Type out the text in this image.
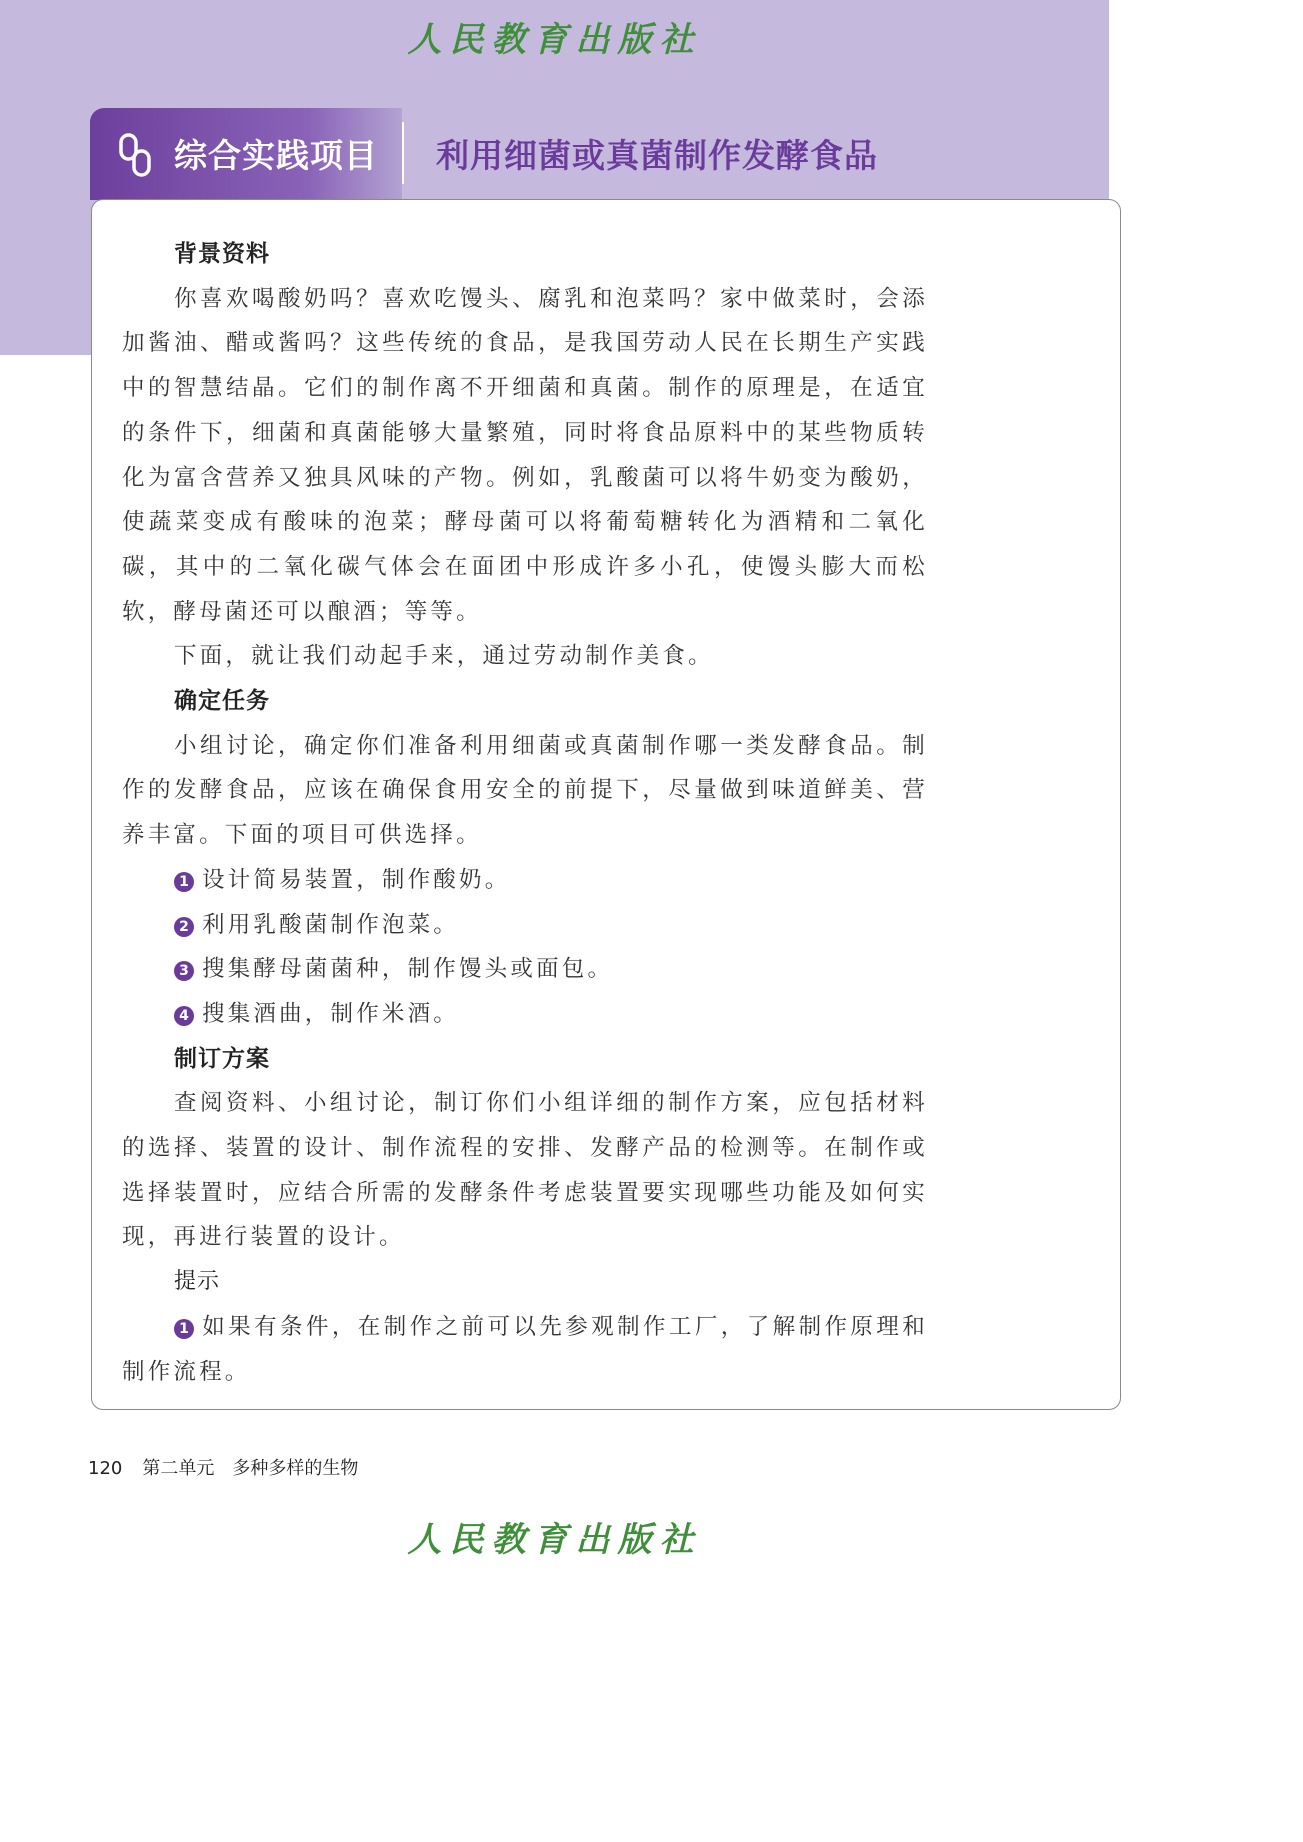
人民教育出版社
综合实践项目 利用细菌或真菌制作发酵食品

背景资料

你喜欢喝酸奶吗？喜欢吃馒头、腐乳和泡菜吗？家中做菜时，会添加酱油、醋或酱吗？这些传统的食品，是我国劳动人民在长期生产实践中的智慧结晶。它们的制作离不开细菌和真菌。制作的原理是，在适宜的条件下，细菌和真菌能够大量繁殖，同时将食品原料中的某些物质转化为富含营养又独具风味的产物。例如，乳酸菌可以将牛奶变为酸奶，使蔬菜变成有酸味的泡菜；酵母菌可以将葡萄糖转化为酒精和二氧化碳，其中的二氧化碳气体会在面团中形成许多小孔，使馒头膨大而松软，酵母菌还可以酿酒；等等。

下面，就让我们动起手来，通过劳动制作美食。

确定任务

小组讨论，确定你们准备利用细菌或真菌制作哪一类发酵食品。制作的发酵食品，应该在确保食用安全的前提下，尽量做到味道鲜美、营养丰富。下面的项目可供选择。

1 设计简易装置，制作酸奶。

2 利用乳酸菌制作泡菜。

3 搜集酵母菌菌种，制作馒头或面包。

4 搜集酒曲，制作米酒。

制订方案

查阅资料、小组讨论，制订你们小组详细的制作方案，应包括材料的选择、装置的设计、制作流程的安排、发酵产品的检测等。在制作或选择装置时，应结合所需的发酵条件考虑装置要实现哪些功能及如何实现，再进行装置的设计。

提示

1 如果有条件，在制作之前可以先参观制作工厂，了解制作原理和制作流程。

120 第二单元　多种多样的生物
人民教育出版社
